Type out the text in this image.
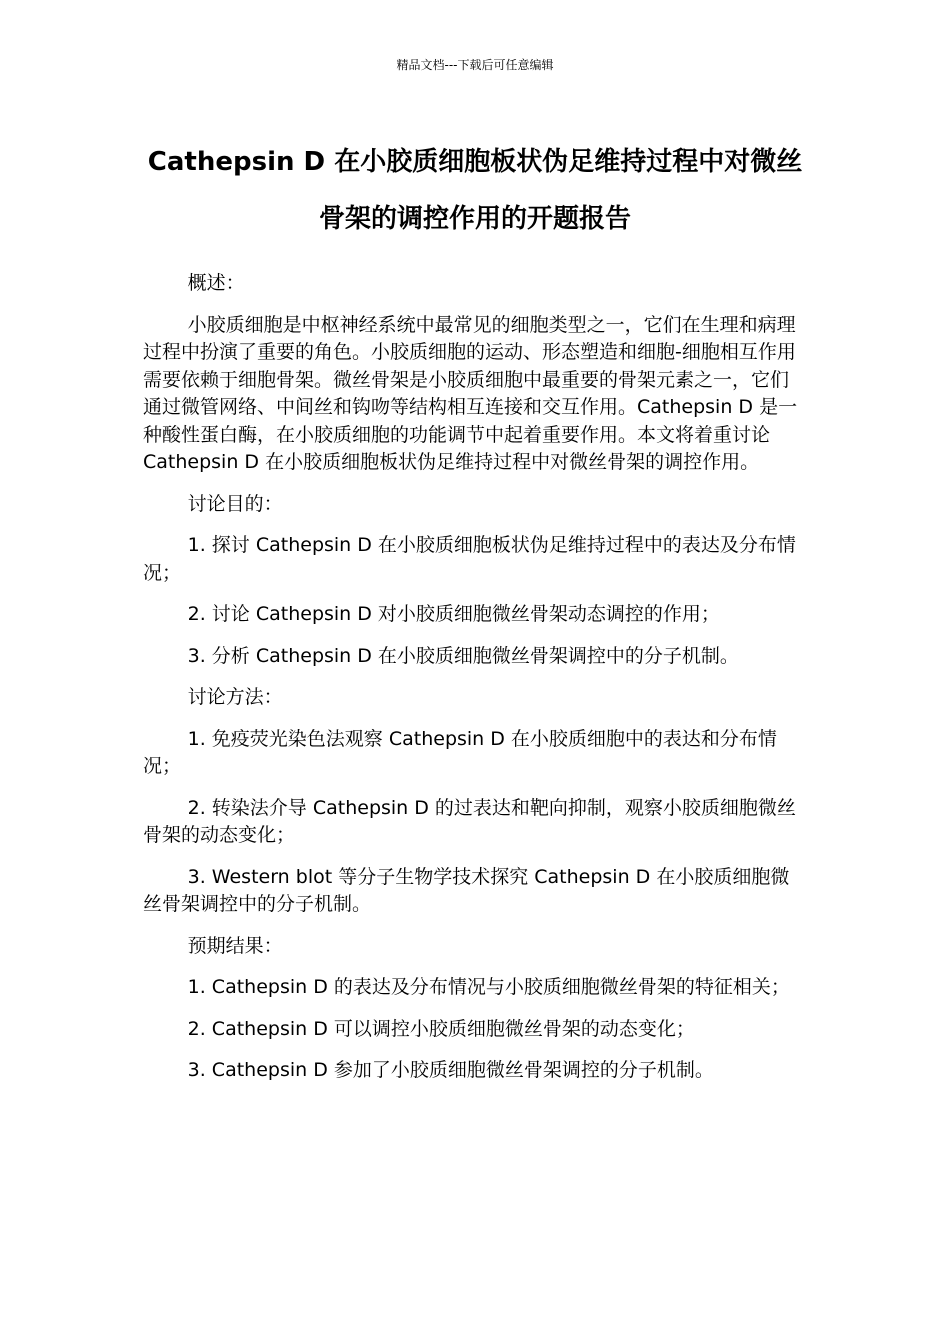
精品文档---下载后可任意编辑
Cathepsin D 在小胶质细胞板状伪足维持过程中对微丝骨架的调控作用的开题报告

概述：

小胶质细胞是中枢神经系统中最常见的细胞类型之一，它们在生理和病理过程中扮演了重要的角色。小胶质细胞的运动、形态塑造和细胞-细胞相互作用需要依赖于细胞骨架。微丝骨架是小胶质细胞中最重要的骨架元素之一，它们通过微管网络、中间丝和钩吻等结构相互连接和交互作用。Cathepsin D 是一种酸性蛋白酶，在小胶质细胞的功能调节中起着重要作用。本文将着重讨论 Cathepsin D 在小胶质细胞板状伪足维持过程中对微丝骨架的调控作用。

讨论目的：

1. 探讨 Cathepsin D 在小胶质细胞板状伪足维持过程中的表达及分布情况；

2. 讨论 Cathepsin D 对小胶质细胞微丝骨架动态调控的作用；

3. 分析 Cathepsin D 在小胶质细胞微丝骨架调控中的分子机制。

讨论方法：

1. 免疫荧光染色法观察 Cathepsin D 在小胶质细胞中的表达和分布情况；

2. 转染法介导 Cathepsin D 的过表达和靶向抑制，观察小胶质细胞微丝骨架的动态变化；

3. Western blot 等分子生物学技术探究 Cathepsin D 在小胶质细胞微丝骨架调控中的分子机制。

预期结果：

1. Cathepsin D 的表达及分布情况与小胶质细胞微丝骨架的特征相关；

2. Cathepsin D 可以调控小胶质细胞微丝骨架的动态变化；

3. Cathepsin D 参加了小胶质细胞微丝骨架调控的分子机制。
